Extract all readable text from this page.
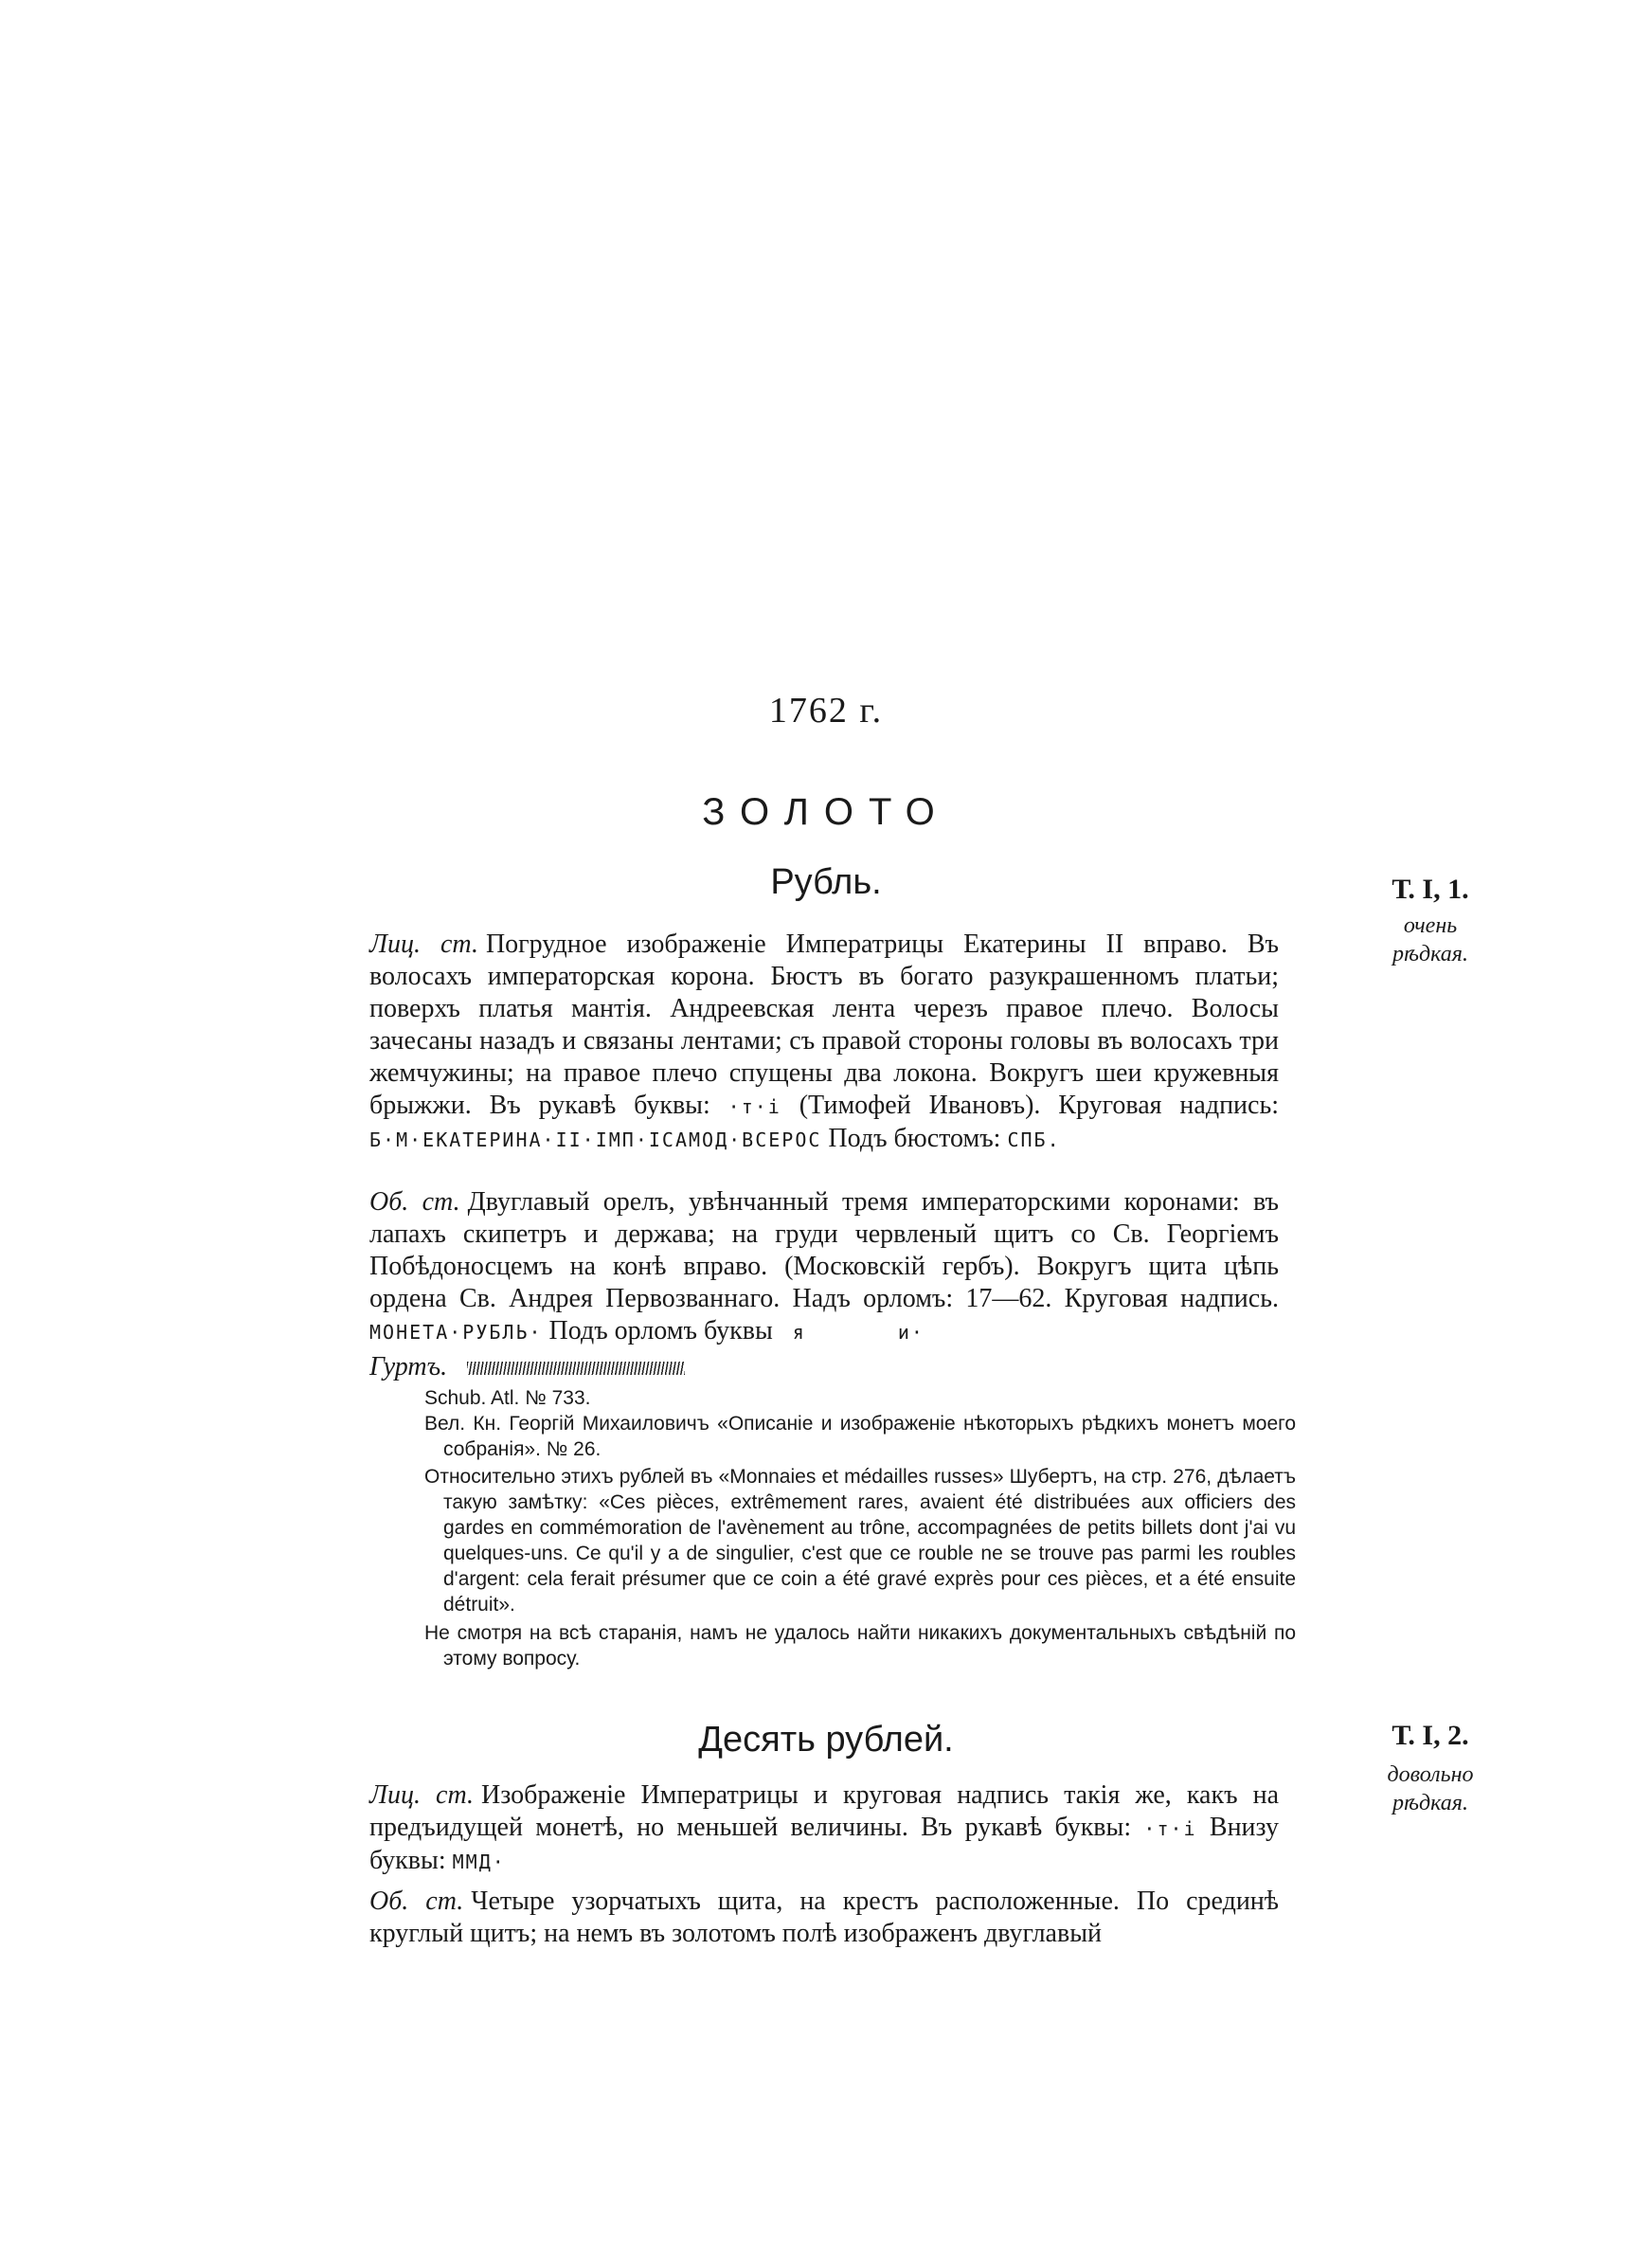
1762 г.
ЗОЛОТО
Рубль.	Т. I, 1.
очень
рѣдкая.
Лиц. ст. Погрудное изображенiе Императрицы Екатерины II вправо. Въ волосахъ императорская корона. Бюстъ въ богато разукрашенномъ платьи; поверхъ платья мантiя. Андреевская лента черезъ правое плечо. Волосы зачесаны назадъ и связаны лентами; съ правой стороны головы въ волосахъ три жемчужины; на правое плечо спущены два локона. Вокругъ шеи кружевныя брыжжи. Въ рукавѣ буквы: ·т·і (Тимофей Ивановъ). Круговая надпись: Б·М·ЕКАТЕРИНА·II·IМП·IСАМОД·ВСЕРОС Подъ бюстомъ: СПБ.
Об. ст. Двуглавый орелъ, увѣнчанный тремя императорскими коронами: въ лапахъ скипетръ и держава; на груди червленый щитъ со Св. Георгiемъ Побѣдоносцемъ на конѣ вправо. (Московскiй гербъ). Вокругъ щита цѣпь ордена Св. Андрея Первозваннаго. Надъ орломъ: 17—62. Круговая надпись. МОНЕТА·РУБЛЬ· Подъ орломъ буквы я	и·
Гуртъ.
Schub. Atl. № 733.
Вел. Кн. Георгiй Михаиловичъ «Описанiе и изображенiе нѣкоторыхъ рѣдкихъ монетъ моего собранiя». № 26.
Относительно этихъ рублей въ «Monnaies et médailles russes» Шубертъ, на стр. 276, дѣлаетъ такую замѣтку: «Ces pièces, extrêmement rares, avaient été distribuées aux officiers des gardes en commémoration de l'avènement au trône, accompagnées de petits billets dont j'ai vu quelques-uns. Ce qu'il y a de singulier, c'est que ce rouble ne se trouve pas parmi les roubles d'argent: cela ferait présumer que ce coin a été gravé exprès pour ces pièces, et a été ensuite détruit».
Не смотря на всѣ старанiя, намъ не удалось найти никакихъ документальныхъ свѣдѣнiй по этому вопросу.
Десять рублей.	Т. I, 2.
довольно
рѣдкая.
Лиц. ст. Изображенiе Императрицы и круговая надпись такiя же, какъ на предъидущей монетѣ, но меньшей величины. Въ рукавѣ буквы: ·т·і Внизу буквы: ММД·
Об. ст. Четыре узорчатыхъ щита, на крестъ расположенные. По срединѣ круглый щитъ; на немъ въ золотомъ полѣ изображенъ двуглавый
